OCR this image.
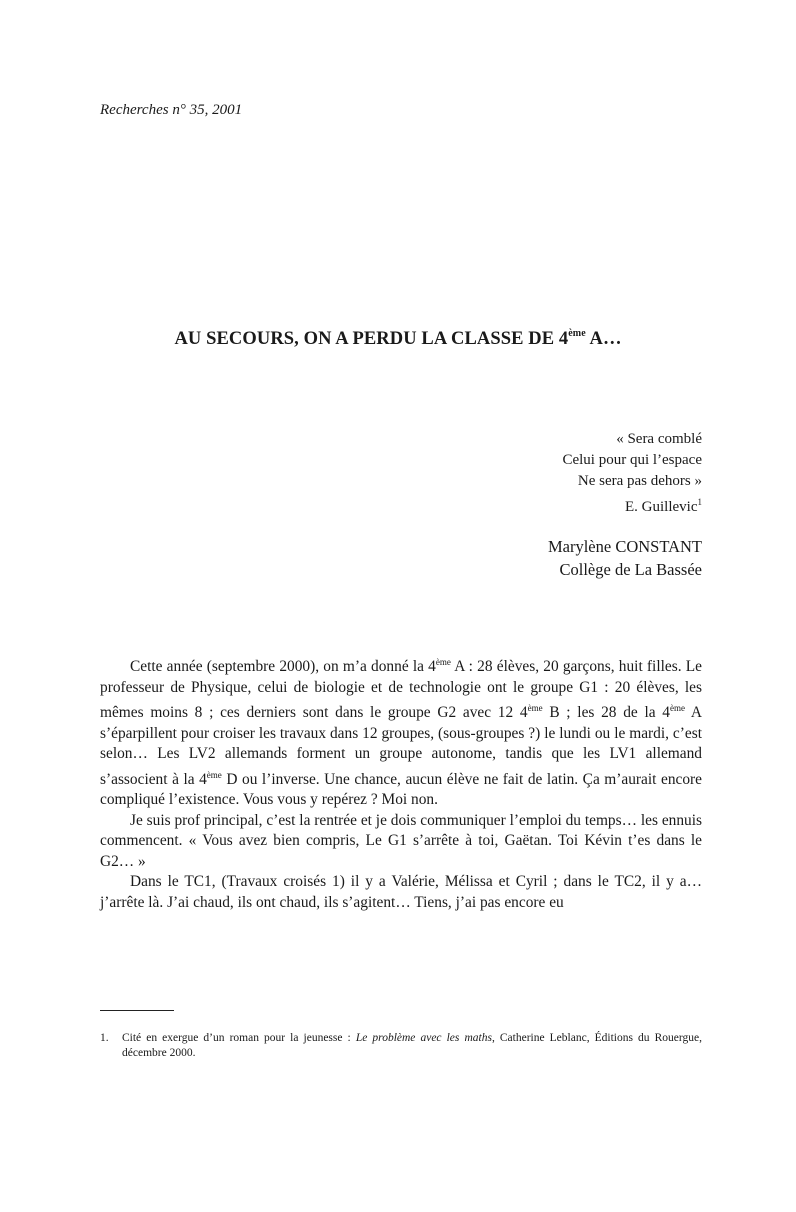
Recherches n° 35, 2001
AU SECOURS, ON A PERDU LA CLASSE DE 4ème A…
« Sera comblé
Celui pour qui l’espace
Ne sera pas dehors »
E. Guillevic$^1$
Marylène CONSTANT
Collège de La Bassée

Cette année (septembre 2000), on m’a donné la 4ème A : 28 élèves, 20 garçons, huit filles. Le professeur de Physique, celui de biologie et de technologie ont le groupe G1 : 20 élèves, les mêmes moins 8 ; ces derniers sont dans le groupe G2 avec 12 4ème B ; les 28 de la 4ème A s’éparpillent pour croiser les travaux dans 12 groupes, (sous-groupes ?) le lundi ou le mardi, c’est selon… Les LV2 allemands forment un groupe autonome, tandis que les LV1 allemand s’associent à la 4ème D ou l’inverse. Une chance, aucun élève ne fait de latin. Ça m’aurait encore compliqué l’existence. Vous vous y repérez ? Moi non.

Je suis prof principal, c’est la rentrée et je dois communiquer l’emploi du temps… les ennuis commencent. « Vous avez bien compris, Le G1 s’arrête à toi, Gaëtan. Toi Kévin t’es dans le G2… »

Dans le TC1, (Travaux croisés 1) il y a Valérie, Mélissa et Cyril ; dans le TC2, il y a… j’arrête là. J’ai chaud, ils ont chaud, ils s’agitent… Tiens, j’ai pas encore eu

1. Cité en exergue d’un roman pour la jeunesse : Le problème avec les maths, Catherine Leblanc, Éditions du Rouergue, décembre 2000.
